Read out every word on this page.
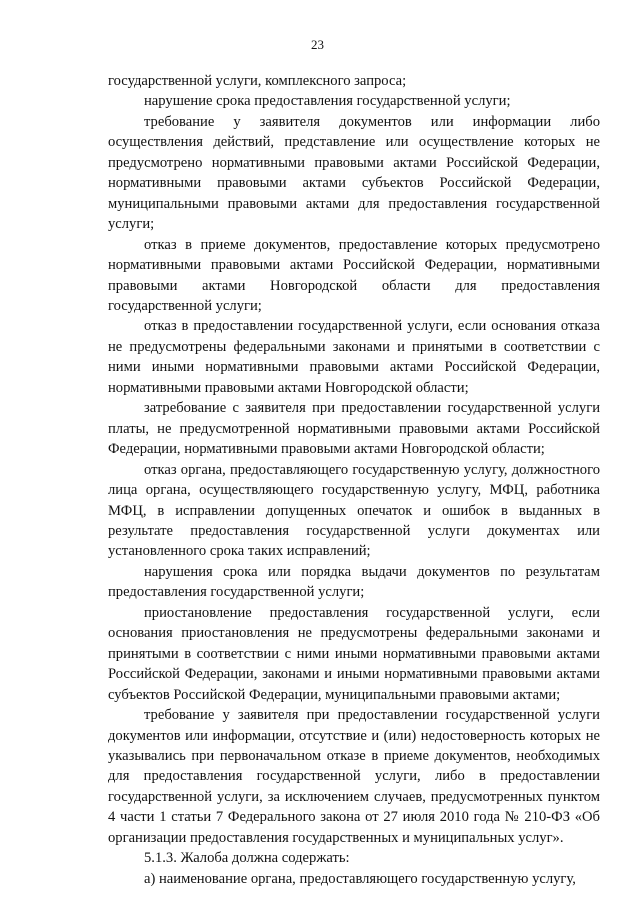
23

государственной услуги, комплексного запроса;

нарушение срока предоставления государственной услуги;

требование у заявителя документов или информации либо осуществления действий, представление или осуществление которых не предусмотрено нормативными правовыми актами Российской Федерации, нормативными правовыми актами субъектов Российской Федерации, муниципальными правовыми актами для предоставления государственной услуги;

отказ в приеме документов, предоставление которых предусмотрено нормативными правовыми актами Российской Федерации, нормативными правовыми актами Новгородской области для предоставления государственной услуги;

отказ в предоставлении государственной услуги, если основания отказа не предусмотрены федеральными законами и принятыми в соответствии с ними иными нормативными правовыми актами Российской Федерации, нормативными правовыми актами Новгородской области;

затребование с заявителя при предоставлении государственной услуги платы, не предусмотренной нормативными правовыми актами Российской Федерации, нормативными правовыми актами Новгородской области;

отказ органа, предоставляющего государственную услугу, должностного лица органа, осуществляющего государственную услугу, МФЦ, работника МФЦ, в исправлении допущенных опечаток и ошибок в выданных в результате предоставления государственной услуги документах или установленного срока таких исправлений;

нарушения срока или порядка выдачи документов по результатам предоставления государственной услуги;

приостановление предоставления государственной услуги, если основания приостановления не предусмотрены федеральными законами и принятыми в соответствии с ними иными нормативными правовыми актами Российской Федерации, законами и иными нормативными правовыми актами субъектов Российской Федерации, муниципальными правовыми актами;

требование у заявителя при предоставлении государственной услуги документов или информации, отсутствие и (или) недостоверность которых не указывались при первоначальном отказе в приеме документов, необходимых для предоставления государственной услуги, либо в предоставлении государственной услуги, за исключением случаев, предусмотренных пунктом 4 части 1 статьи 7 Федерального закона от 27 июля 2010 года № 210-ФЗ «Об организации предоставления государственных и муниципальных услуг».

5.1.3. Жалоба должна содержать:

а) наименование органа, предоставляющего государственную услугу,
